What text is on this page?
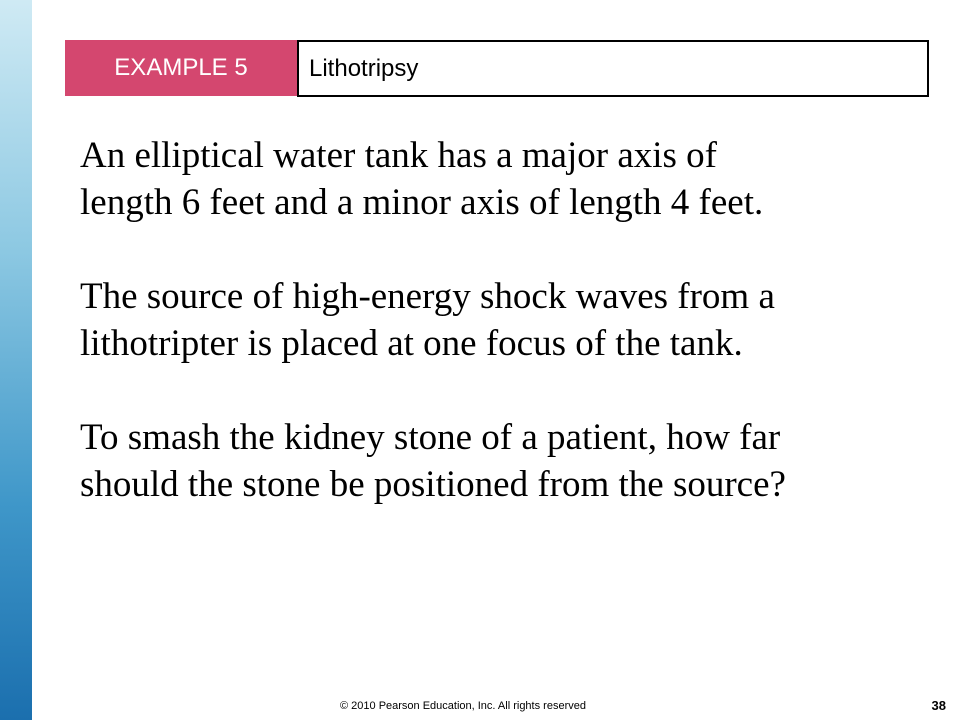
EXAMPLE 5	Lithotripsy

An elliptical water tank has a major axis of
length 6 feet and a minor axis of length 4 feet.

The source of high-energy shock waves from a
lithotripter is placed at one focus of the tank.

To smash the kidney stone of a patient, how far
should the stone be positioned from the source?

© 2010 Pearson Education, Inc. All rights reserved	38
